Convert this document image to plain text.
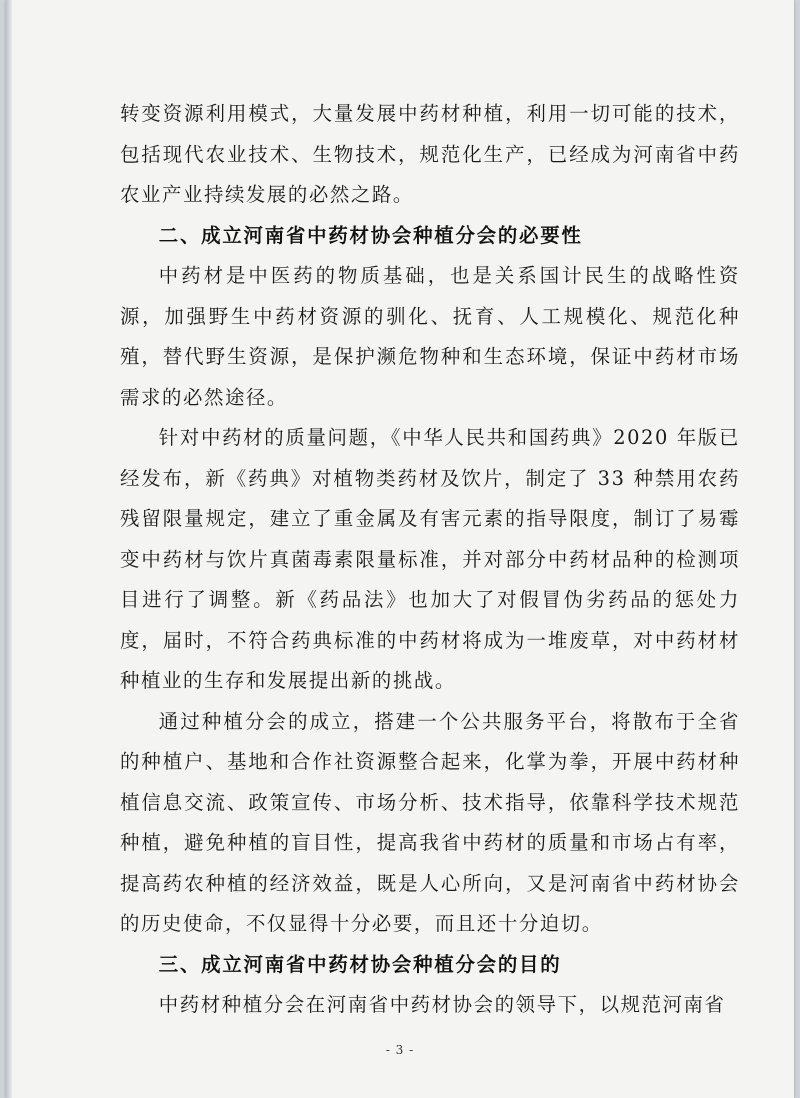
转变资源利用模式，大量发展中药材种植，利用一切可能的技术，包括现代农业技术、生物技术，规范化生产，已经成为河南省中药农业产业持续发展的必然之路。

二、成立河南省中药材协会种植分会的必要性

中药材是中医药的物质基础，也是关系国计民生的战略性资源，加强野生中药材资源的驯化、抚育、人工规模化、规范化种殖，替代野生资源，是保护濒危物种和生态环境，保证中药材市场需求的必然途径。

针对中药材的质量问题，《中华人民共和国药典》2020 年版已经发布，新《药典》对植物类药材及饮片，制定了 33 种禁用农药残留限量规定，建立了重金属及有害元素的指导限度，制订了易霉变中药材与饮片真菌毒素限量标准，并对部分中药材品种的检测项目进行了调整。新《药品法》也加大了对假冒伪劣药品的惩处力度，届时，不符合药典标准的中药材将成为一堆废草，对中药材材种植业的生存和发展提出新的挑战。

通过种植分会的成立，搭建一个公共服务平台，将散布于全省的种植户、基地和合作社资源整合起来，化掌为拳，开展中药材种植信息交流、政策宣传、市场分析、技术指导，依靠科学技术规范种植，避免种植的盲目性，提高我省中药材的质量和市场占有率，提高药农种植的经济效益，既是人心所向，又是河南省中药材协会的历史使命，不仅显得十分必要，而且还十分迫切。

三、成立河南省中药材协会种植分会的目的

中药材种植分会在河南省中药材协会的领导下，以规范河南省

- 3 -
